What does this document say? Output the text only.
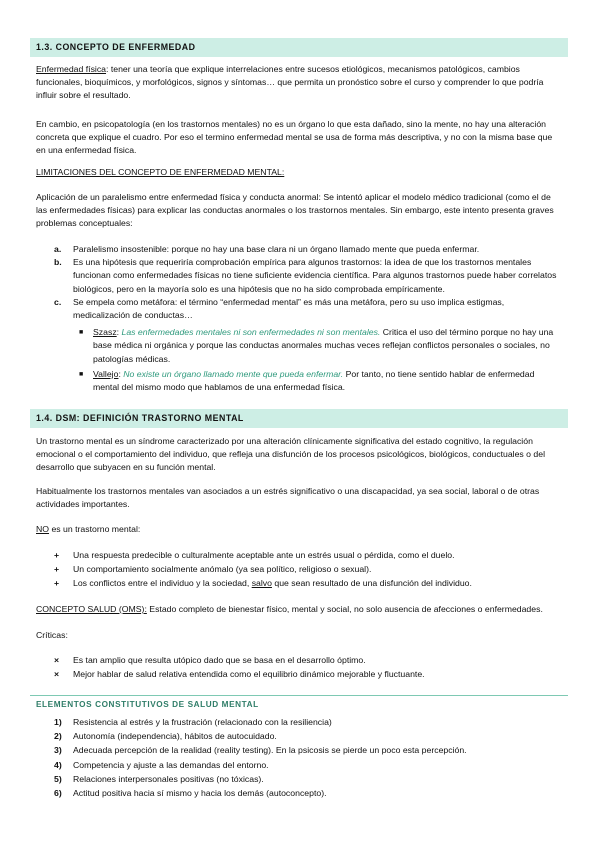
1.3. CONCEPTO DE ENFERMEDAD

Enfermedad física: tener una teoría que explique interrelaciones entre sucesos etiológicos, mecanismos patológicos, cambios funcionales, bioquímicos, y morfológicos, signos y síntomas… que permita un pronóstico sobre el curso y comprender lo que podría influir sobre el resultado.

En cambio, en psicopatología (en los trastornos mentales) no es un órgano lo que esta dañado, sino la mente, no hay una alteración concreta que explique el cuadro. Por eso el termino enfermedad mental se usa de forma más descriptiva, y no con la misma base que en una enfermedad física.

LIMITACIONES DEL CONCEPTO DE ENFERMEDAD MENTAL:

Aplicación de un paralelismo entre enfermedad física y conducta anormal: Se intentó aplicar el modelo médico tradicional (como el de las enfermedades físicas) para explicar las conductas anormales o los trastornos mentales. Sin embargo, este intento presenta graves problemas conceptuales:

a. Paralelismo insostenible: porque no hay una base clara ni un órgano llamado mente que pueda enfermar.
b. Es una hipótesis que requeriría comprobación empírica para algunos trastornos: la idea de que los trastornos mentales funcionan como enfermedades físicas no tiene suficiente evidencia científica. Para algunos trastornos puede haber correlatos biológicos, pero en la mayoría solo es una hipótesis que no ha sido comprobada empíricamente.
c. Se empela como metáfora: el término “enfermedad mental” es más una metáfora, pero su uso implica estigmas, medicalización de conductas…
■ Szasz: Las enfermedades mentales ni son enfermedades ni son mentales. Critica el uso del término porque no hay una base médica ni orgánica y porque las conductas anormales muchas veces reflejan conflictos personales o sociales, no patologías médicas.
■ Vallejo: No existe un órgano llamado mente que pueda enfermar. Por tanto, no tiene sentido hablar de enfermedad mental del mismo modo que hablamos de una enfermedad física.
1.4. DSM: DEFINICIÓN TRASTORNO MENTAL

Un trastorno mental es un síndrome caracterizado por una alteración clínicamente significativa del estado cognitivo, la regulación emocional o el comportamiento del individuo, que refleja una disfunción de los procesos psicológicos, biológicos, conductuales o del desarrollo que subyacen en su función mental.

Habitualmente los trastornos mentales van asociados a un estrés significativo o una discapacidad, ya sea social, laboral o de otras actividades importantes.

NO es un trastorno mental:

+ Una respuesta predecible o culturalmente aceptable ante un estrés usual o pérdida, como el duelo.
+ Un comportamiento socialmente anómalo (ya sea político, religioso o sexual).
+ Los conflictos entre el individuo y la sociedad, salvo que sean resultado de una disfunción del individuo.

CONCEPTO SALUD (OMS): Estado completo de bienestar físico, mental y social, no solo ausencia de afecciones o enfermedades.

Críticas:

× Es tan amplio que resulta utópico dado que se basa en el desarrollo óptimo.
× Mejor hablar de salud relativa entendida como el equilibrio dinámico mejorable y fluctuante.
ELEMENTOS CONSTITUTIVOS DE SALUD MENTAL
1) Resistencia al estrés y la frustración (relacionado con la resiliencia)
2) Autonomía (independencia), hábitos de autocuidado.
3) Adecuada percepción de la realidad (reality testing). En la psicosis se pierde un poco esta percepción.
4) Competencia y ajuste a las demandas del entorno.
5) Relaciones interpersonales positivas (no tóxicas).
6) Actitud positiva hacia sí mismo y hacia los demás (autoconcepto).
